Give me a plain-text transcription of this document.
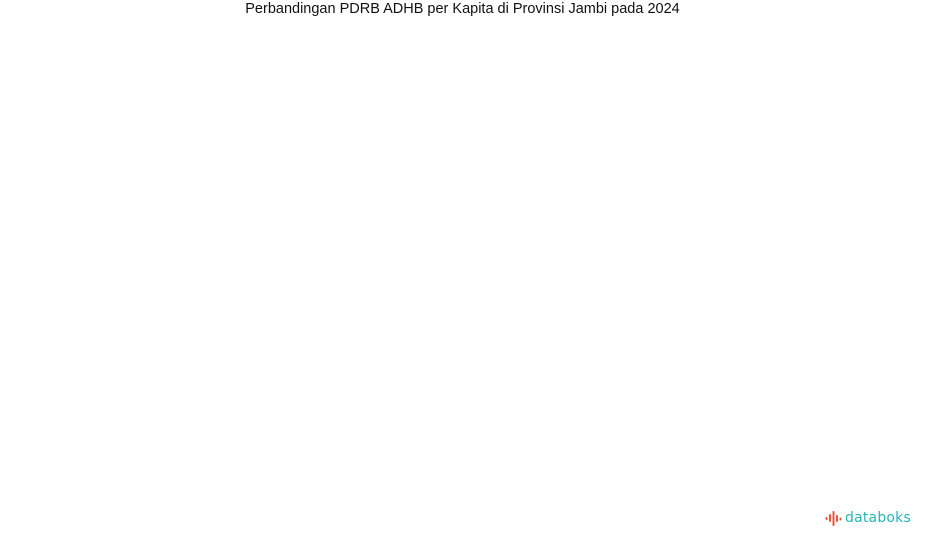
Perbandingan PDRB ADHB per Kapita di Provinsi Jambi pada 2024
databoks
